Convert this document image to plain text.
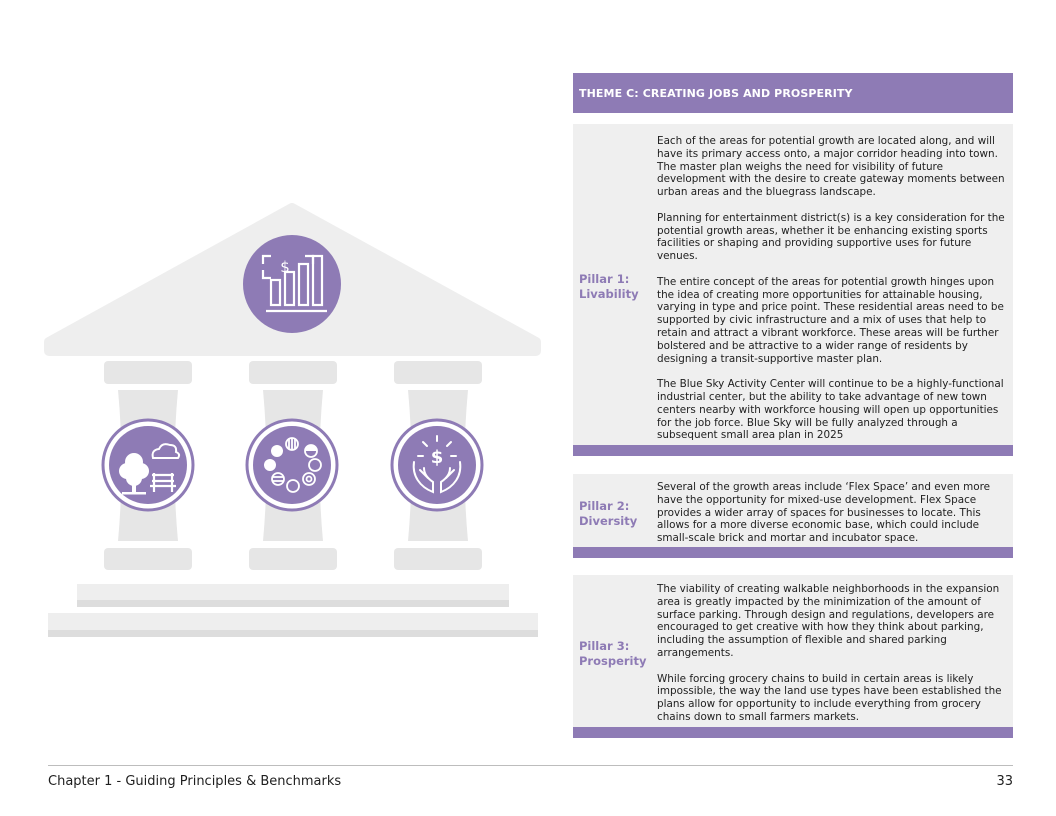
$
$
THEME C: CREATING JOBS AND PROSPERITY
Pillar 1:
Livability

Each of the areas for potential growth are located along, and will have its primary access onto, a major corridor heading into town. The master plan weighs the need for visibility of future development with the desire to create gateway moments between urban areas and the bluegrass landscape.

Planning for entertainment district(s) is a key consideration for the potential growth areas, whether it be enhancing existing sports facilities or shaping and providing supportive uses for future venues.

The entire concept of the areas for potential growth hinges upon the idea of creating more opportunities for attainable housing, varying in type and price point. These residential areas need to be supported by civic infrastructure and a mix of uses that help to retain and attract a vibrant workforce. These areas will be further bolstered and be attractive to a wider range of residents by designing a transit-supportive master plan.

The Blue Sky Activity Center will continue to be a highly-functional industrial center, but the ability to take advantage of new town centers nearby with workforce housing will open up opportunities for the job force. Blue Sky will be fully analyzed through a subsequent small area plan in 2025

Pillar 2:
Diversity

Several of the growth areas include ‘Flex Space’ and even more have the opportunity for mixed-use development. Flex Space provides a wider array of spaces for businesses to locate. This allows for a more diverse economic base, which could include small-scale brick and mortar and incubator space.

Pillar 3:
Prosperity

The viability of creating walkable neighborhoods in the expansion area is greatly impacted by the minimization of the amount of surface parking. Through design and regulations, developers are encouraged to get creative with how they think about parking, including the assumption of flexible and shared parking arrangements.

While forcing grocery chains to build in certain areas is likely impossible, the way the land use types have been established the plans allow for opportunity to include everything from grocery chains down to small farmers markets.

Chapter 1 - Guiding Principles & Benchmarks	33
